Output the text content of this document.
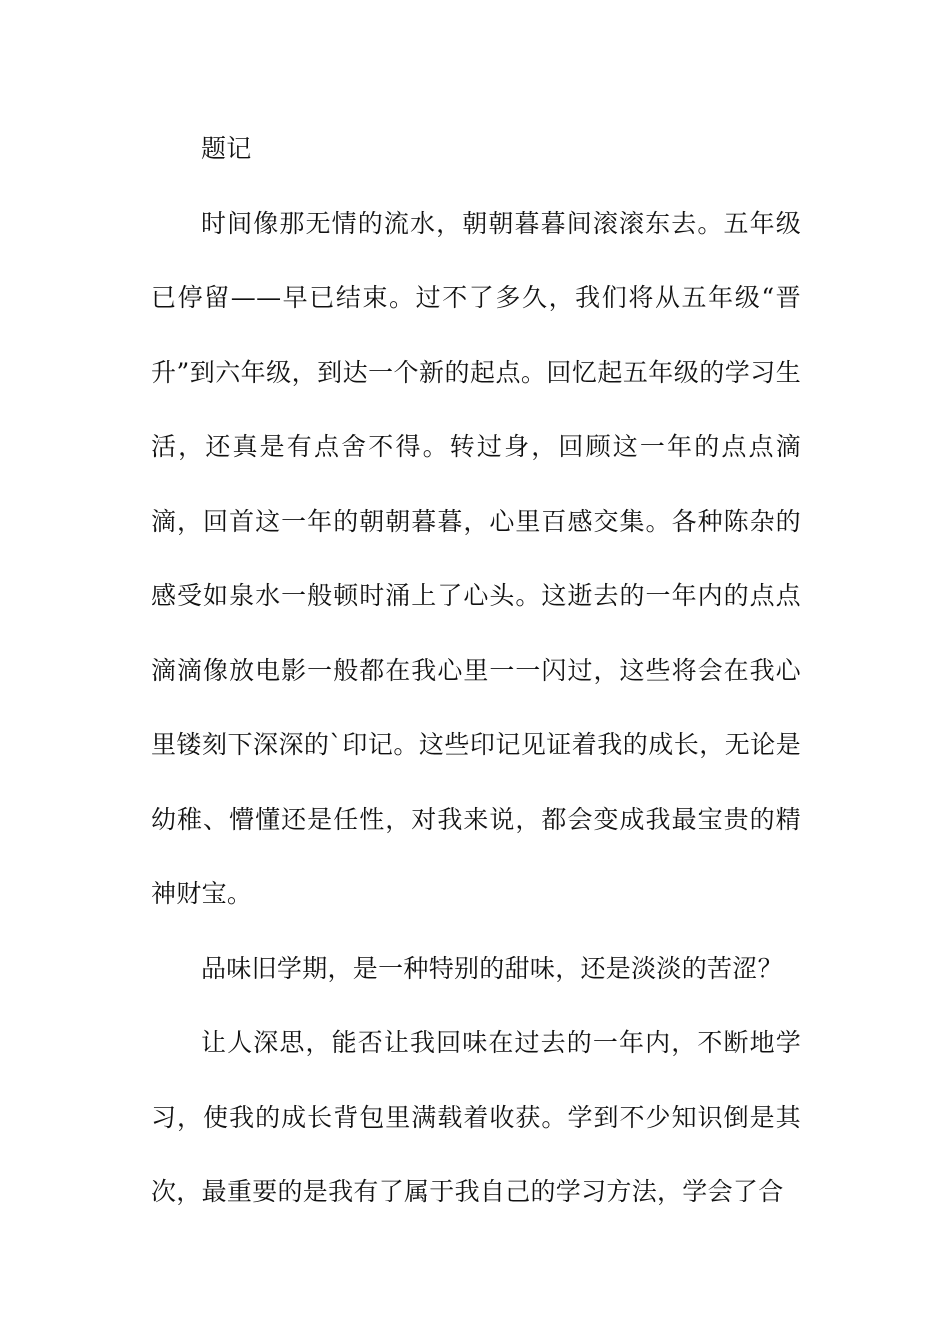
题记

时间像那无情的流水，朝朝暮暮间滚滚东去。五年级已停留——早已结束。过不了多久，我们将从五年级“晋升”到六年级，到达一个新的起点。回忆起五年级的学习生活，还真是有点舍不得。转过身，回顾这一年的点点滴滴，回首这一年的朝朝暮暮，心里百感交集。各种陈杂的感受如泉水一般顿时涌上了心头。这逝去的一年内的点点滴滴像放电影一般都在我心里一一闪过，这些将会在我心里镂刻下深深的`印记。这些印记见证着我的成长，无论是幼稚、懵懂还是任性，对我来说，都会变成我最宝贵的精神财宝。

品味旧学期，是一种特别的甜味，还是淡淡的苦涩？

让人深思，能否让我回味在过去的一年内，不断地学习，使我的成长背包里满载着收获。学到不少知识倒是其次，最重要的是我有了属于我自己的学习方法，学会了合
